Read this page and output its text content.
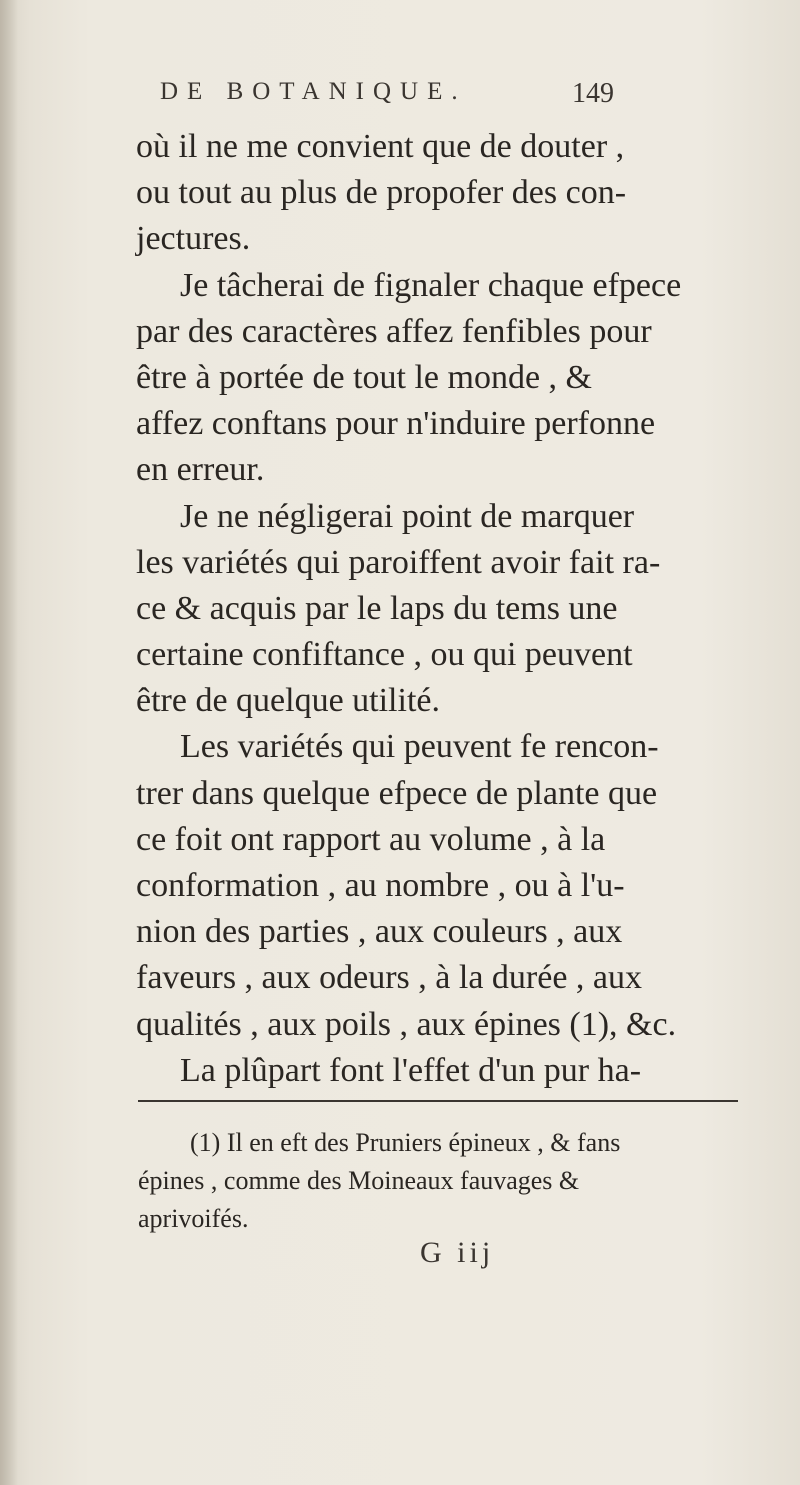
DE BOTANIQUE.	149
où il ne me convient que de douter ,
ou tout au plus de propofer des con-
jectures.
Je tâcherai de fignaler chaque efpece
par des caractères affez fenfibles pour
être à portée de tout le monde , &
affez conftans pour n'induire perfonne
en erreur.
Je ne négligerai point de marquer
les variétés qui paroiffent avoir fait ra-
ce & acquis par le laps du tems une
certaine confiftance , ou qui peuvent
être de quelque utilité.
Les variétés qui peuvent fe rencon-
trer dans quelque efpece de plante que
ce foit ont rapport au volume , à la
conformation , au nombre , ou à l'u-
nion des parties , aux couleurs , aux
faveurs , aux odeurs , à la durée , aux
qualités , aux poils , aux épines (1), &c.
La plûpart font l'effet d'un pur ha-
(1) Il en eft des Pruniers épineux , & fans
épines , comme des Moineaux fauvages &
aprivoifés.
G iij
